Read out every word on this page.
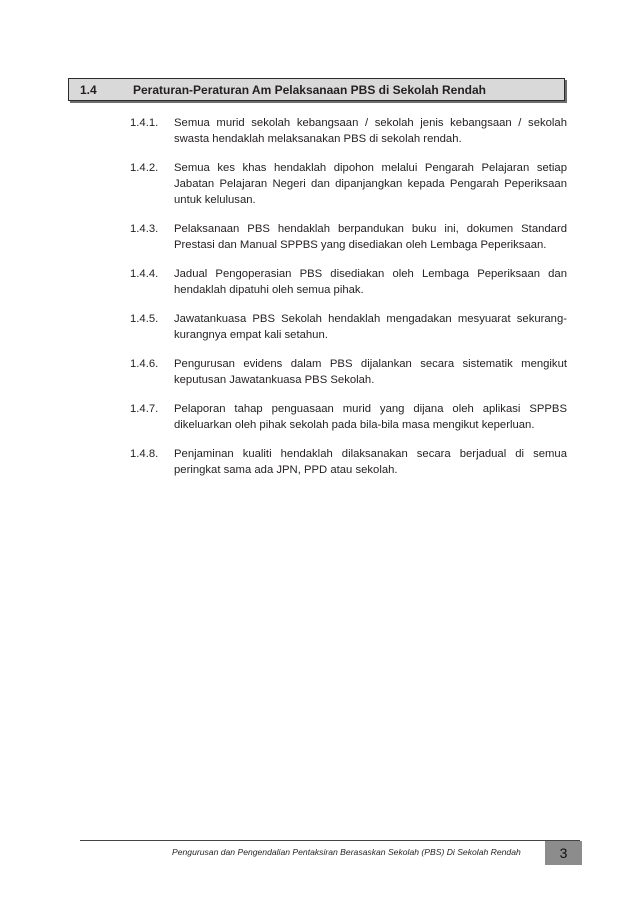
1.4	Peraturan-Peraturan Am Pelaksanaan PBS di Sekolah Rendah
1.4.1.	Semua murid sekolah kebangsaan / sekolah jenis kebangsaan / sekolah swasta hendaklah melaksanakan PBS di sekolah rendah.
1.4.2.	Semua kes khas hendaklah dipohon melalui Pengarah Pelajaran setiap Jabatan Pelajaran Negeri dan dipanjangkan kepada Pengarah Peperiksaan untuk kelulusan.
1.4.3.	Pelaksanaan PBS hendaklah berpandukan buku ini, dokumen Standard Prestasi dan Manual SPPBS yang disediakan oleh Lembaga Peperiksaan.
1.4.4.	Jadual Pengoperasian PBS disediakan oleh Lembaga Peperiksaan dan hendaklah dipatuhi oleh semua pihak.
1.4.5.	Jawatankuasa PBS Sekolah hendaklah mengadakan mesyuarat sekurang-kurangnya empat kali setahun.
1.4.6.	Pengurusan evidens dalam PBS dijalankan secara sistematik mengikut keputusan Jawatankuasa PBS Sekolah.
1.4.7.	Pelaporan tahap penguasaan murid yang dijana oleh aplikasi SPPBS dikeluarkan oleh pihak sekolah pada bila-bila masa mengikut keperluan.
1.4.8.	Penjaminan kualiti hendaklah dilaksanakan secara berjadual di semua peringkat sama ada JPN, PPD atau sekolah.
Pengurusan dan Pengendalian Pentaksiran Berasaskan Sekolah (PBS) Di Sekolah Rendah	3
